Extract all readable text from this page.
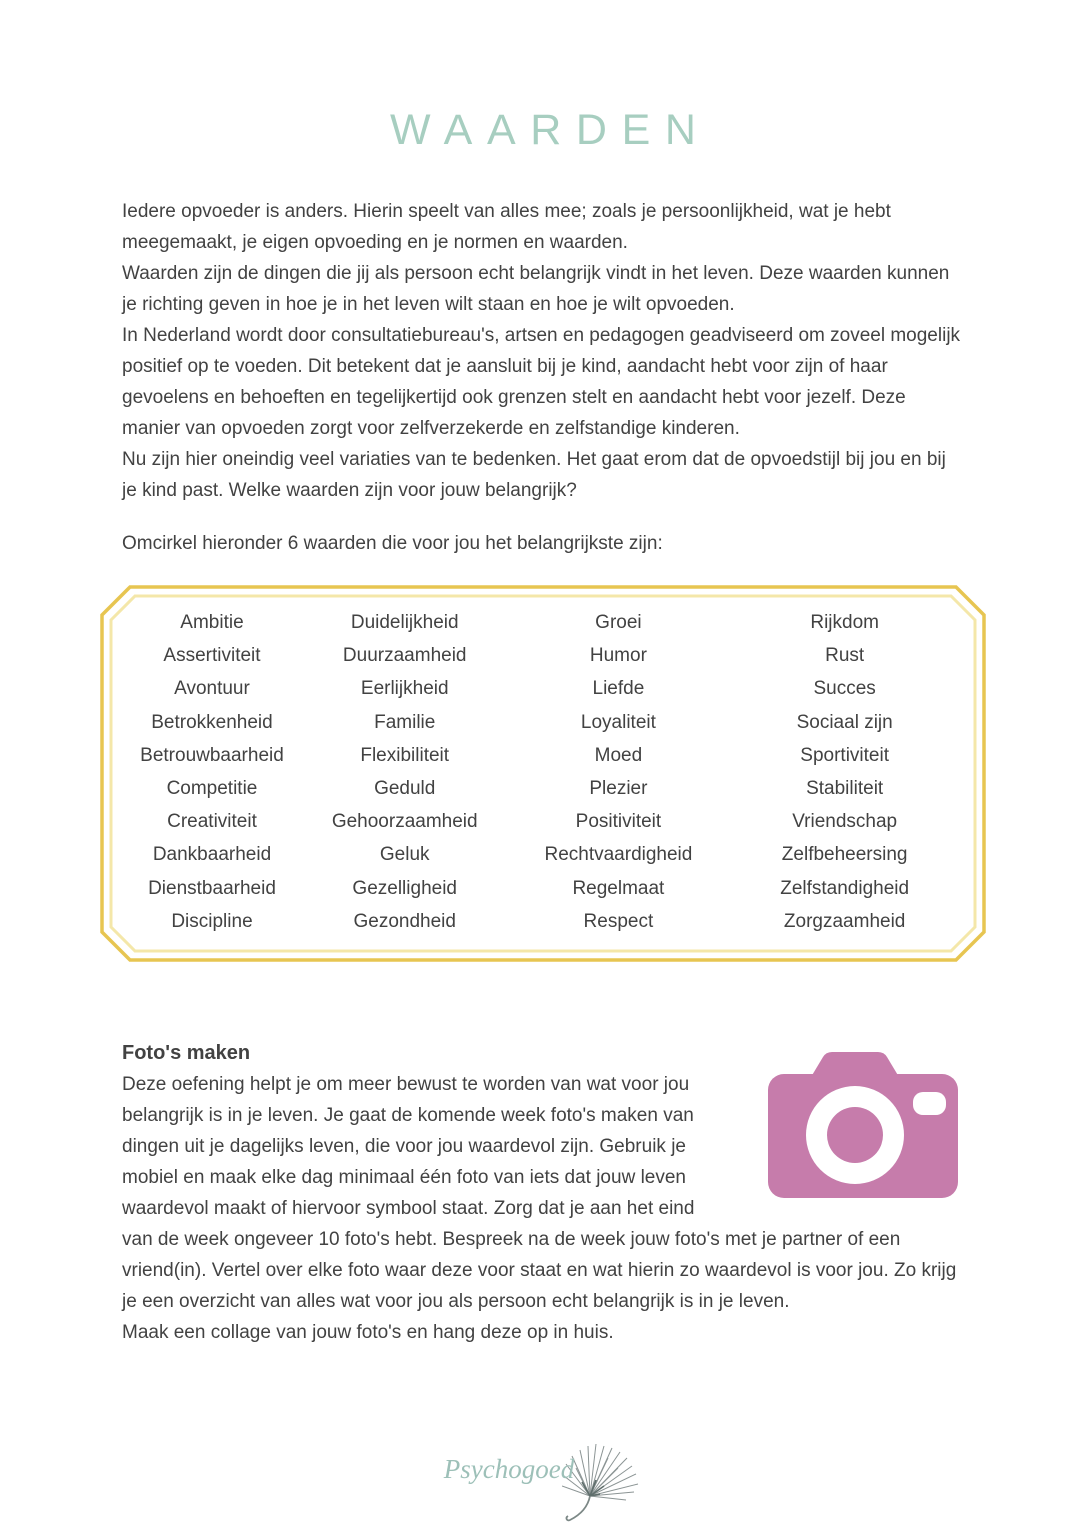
WAARDEN

Iedere opvoeder is anders. Hierin speelt van alles mee; zoals je persoonlijkheid, wat je hebt meegemaakt, je eigen opvoeding en je normen en waarden.

Waarden zijn de dingen die jij als persoon echt belangrijk vindt in het leven. Deze waarden kunnen je richting geven in hoe je in het leven wilt staan en hoe je wilt opvoeden.

In Nederland wordt door consultatiebureau's, artsen en pedagogen geadviseerd om zoveel mogelijk positief op te voeden. Dit betekent dat je aansluit bij je kind, aandacht hebt voor zijn of haar gevoelens en behoeften en tegelijkertijd ook grenzen stelt en aandacht hebt voor jezelf. Deze manier van opvoeden zorgt voor zelfverzekerde en zelfstandige kinderen.

Nu zijn hier oneindig veel variaties van te bedenken. Het gaat erom dat de opvoedstijl bij jou en bij je kind past. Welke waarden zijn voor jouw belangrijk?

Omcirkel hieronder 6 waarden die voor jou het belangrijkste zijn:

Ambitie	Duidelijkheid	Groei	Rijkdom
Assertiviteit	Duurzaamheid	Humor	Rust
Avontuur	Eerlijkheid	Liefde	Succes
Betrokkenheid	Familie	Loyaliteit	Sociaal zijn
Betrouwbaarheid	Flexibiliteit	Moed	Sportiviteit
Competitie	Geduld	Plezier	Stabiliteit
Creativiteit	Gehoorzaamheid	Positiviteit	Vriendschap
Dankbaarheid	Geluk	Rechtvaardigheid	Zelfbeheersing
Dienstbaarheid	Gezelligheid	Regelmaat	Zelfstandigheid
Discipline	Gezondheid	Respect	Zorgzaamheid
Foto's maken

Deze oefening helpt je om meer bewust te worden van wat voor jou belangrijk is in je leven. Je gaat de komende week foto's maken van dingen uit je dagelijks leven, die voor jou waardevol zijn. Gebruik je mobiel en maak elke dag minimaal één foto van iets dat jouw leven waardevol maakt of hiervoor symbool staat. Zorg dat je aan het eind van de week ongeveer 10 foto's hebt. Bespreek na de week jouw foto's met je partner of een vriend(in). Vertel over elke foto waar deze voor staat en wat hierin zo waardevol is voor jou. Zo krijg je een overzicht van alles wat voor jou als persoon echt belangrijk is in je leven.

Maak een collage van jouw foto's en hang deze op in huis.

Psychogoed
